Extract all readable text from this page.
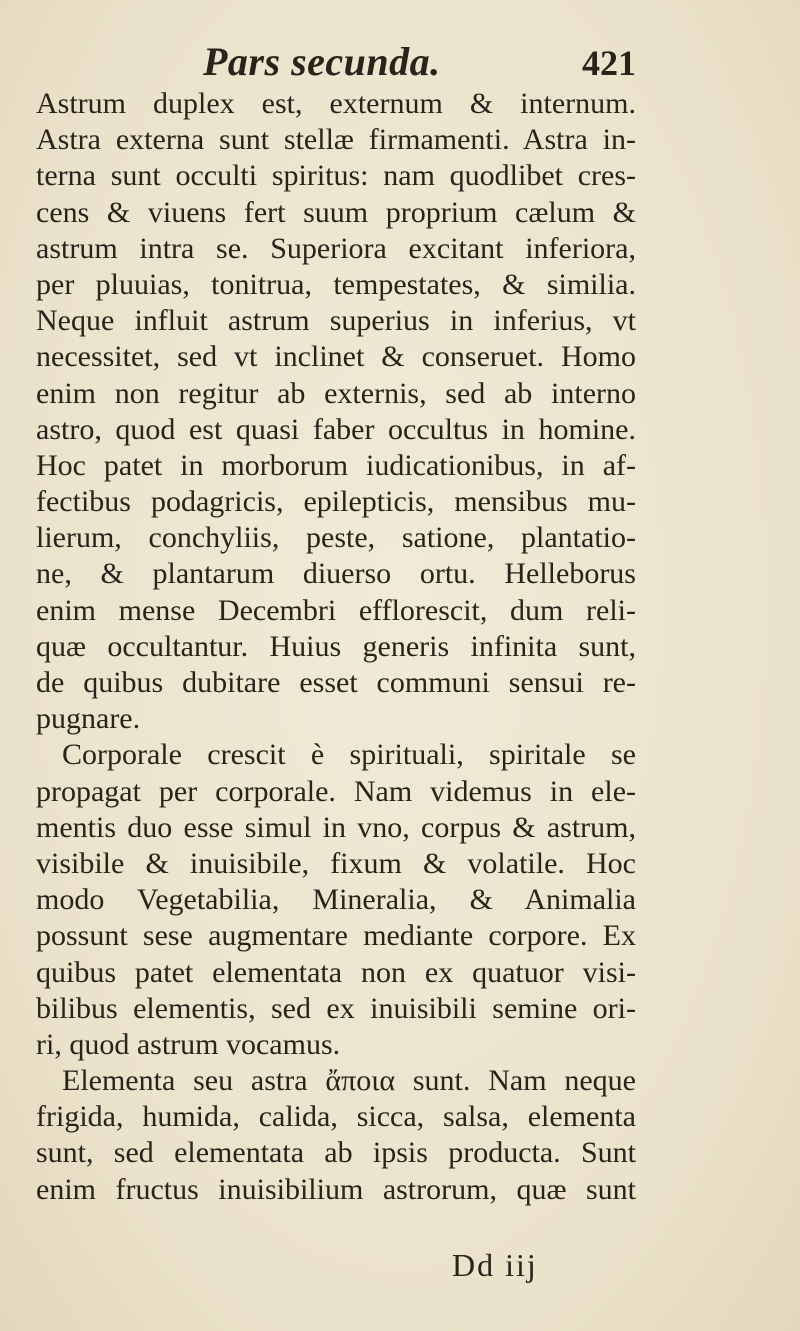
Pars secunda.	421
Astrum duplex est, externum & internum.
Astra externa sunt stellæ firmamenti. Astra in-
terna sunt occulti spiritus: nam quodlibet cres-
cens & viuens fert suum proprium cælum &
astrum intra se. Superiora excitant inferiora,
per pluuias, tonitrua, tempestates, & similia.
Neque influit astrum superius in inferius, vt
necessitet, sed vt inclinet & conseruet. Homo
enim non regitur ab externis, sed ab interno
astro, quod est quasi faber occultus in homine.
Hoc patet in morborum iudicationibus, in af-
fectibus podagricis, epilepticis, mensibus mu-
lierum, conchyliis, peste, satione, plantatio-
ne, & plantarum diuerso ortu. Helleborus
enim mense Decembri efflorescit, dum reli-
quæ occultantur. Huius generis infinita sunt,
de quibus dubitare esset communi sensui re-
pugnare.
Corporale crescit è spirituali, spiritale se
propagat per corporale. Nam videmus in ele-
mentis duo esse simul in vno, corpus & astrum,
visibile & inuisibile, fixum & volatile. Hoc
modo Vegetabilia, Mineralia, & Animalia
possunt sese augmentare mediante corpore. Ex
quibus patet elementata non ex quatuor visi-
bilibus elementis, sed ex inuisibili semine ori-
ri, quod astrum vocamus.
Elementa seu astra ἄποια sunt. Nam neque
frigida, humida, calida, sicca, salsa, elementa
sunt, sed elementata ab ipsis producta. Sunt
enim fructus inuisibilium astrorum, quæ sunt
Dd iij
